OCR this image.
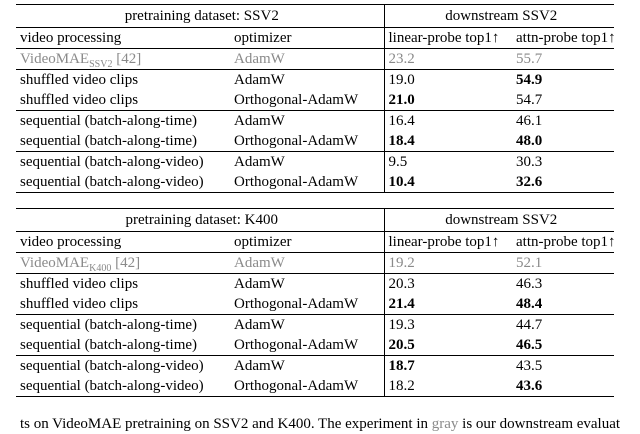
pretraining dataset: SSV2		downstream SSV2	
video processing	optimizer	linear-probe top1↑	attn-probe top1↑
VideoMAE$_{SSV2}$ [42]	AdamW	23.2	55.7
shuffled video clips	AdamW	19.0	54.9
shuffled video clips	Orthogonal-AdamW	21.0	54.7
sequential (batch-along-time)	AdamW	16.4	46.1
sequential (batch-along-time)	Orthogonal-AdamW	18.4	48.0
sequential (batch-along-video)	AdamW	9.5	30.3
sequential (batch-along-video)	Orthogonal-AdamW	10.4	32.6
pretraining dataset: K400		downstream SSV2	
video processing	optimizer	linear-probe top1↑	attn-probe top1↑
VideoMAE$_{K400}$ [42]	AdamW	19.2	52.1
shuffled video clips	AdamW	20.3	46.3
shuffled video clips	Orthogonal-AdamW	21.4	48.4
sequential (batch-along-time)	AdamW	19.3	44.7
sequential (batch-along-time)	Orthogonal-AdamW	20.5	46.5
sequential (batch-along-video)	AdamW	18.7	43.5
sequential (batch-along-video)	Orthogonal-AdamW	18.2	43.6
ts on VideoMAE pretraining on SSV2 and K400. The experiment in gray is our downstream evaluat
